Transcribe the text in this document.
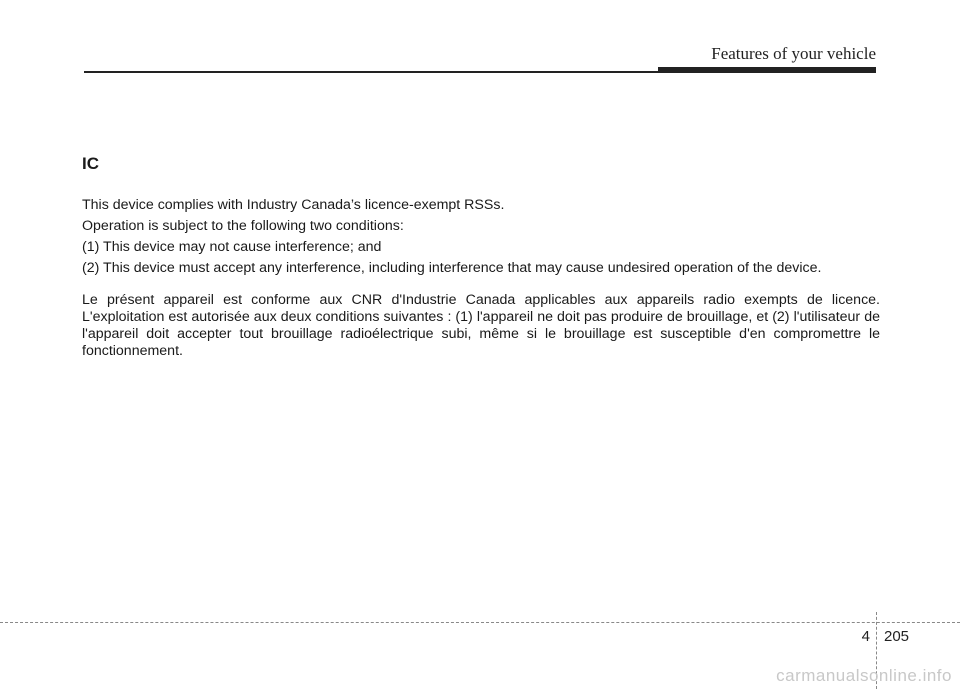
Features of your vehicle
IC

This device complies with Industry Canada’s licence-exempt RSSs.

Operation is subject to the following two conditions:

(1) This device may not cause interference; and

(2) This device must accept any interference, including interference that may cause undesired operation of the device.

Le présent appareil est conforme aux CNR d'Industrie Canada applicables aux appareils radio exempts de licence. L'exploitation est autorisée aux deux conditions suivantes : (1) l'appareil ne doit pas produire de brouillage, et (2) l'utilisateur de l'appareil doit accepter tout brouillage radioélectrique subi, même si le brouillage est susceptible d'en compromettre le fonctionnement.

4 205
carmanualsonline.info
